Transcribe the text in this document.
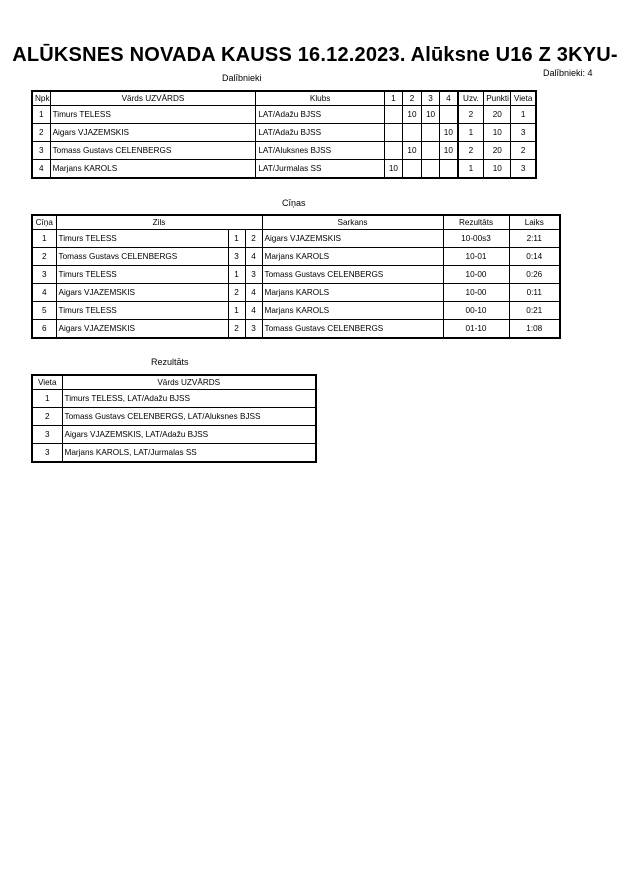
ALŪKSNES NOVADA KAUSS 16.12.2023. Alūksne U16 Z 3KYU-
Dalībnieki: 4
Dalībnieki
Npk.	Vārds UZVĀRDS	Klubs	1	2	3	4	Uzv.	Punkti	Vieta
1	Timurs TELESS	LAT/Adažu BJSS		10	10		2	20	1
2	Aigars VJAZEMSKIS	LAT/Adažu BJSS				10	1	10	3
3	Tomass Gustavs CELENBERGS	LAT/Aluksnes BJSS		10		10	2	20	2
4	Marjans KAROLS	LAT/Jurmalas SS	10				1	10	3
Cīņas
Cīņa	Zils			Sarkans	Rezultāts	Laiks
1	Timurs TELESS	1	2	Aigars VJAZEMSKIS	10-00s3	2:11
2	Tomass Gustavs CELENBERGS	3	4	Marjans KAROLS	10-01	0:14
3	Timurs TELESS	1	3	Tomass Gustavs CELENBERGS	10-00	0:26
4	Aigars VJAZEMSKIS	2	4	Marjans KAROLS	10-00	0:11
5	Timurs TELESS	1	4	Marjans KAROLS	00-10	0:21
6	Aigars VJAZEMSKIS	2	3	Tomass Gustavs CELENBERGS	01-10	1:08
Rezultāts
Vieta	Vārds UZVĀRDS
1	Timurs TELESS, LAT/Adažu BJSS
2	Tomass Gustavs CELENBERGS, LAT/Aluksnes BJSS
3	Aigars VJAZEMSKIS, LAT/Adažu BJSS
3	Marjans KAROLS, LAT/Jurmalas SS
